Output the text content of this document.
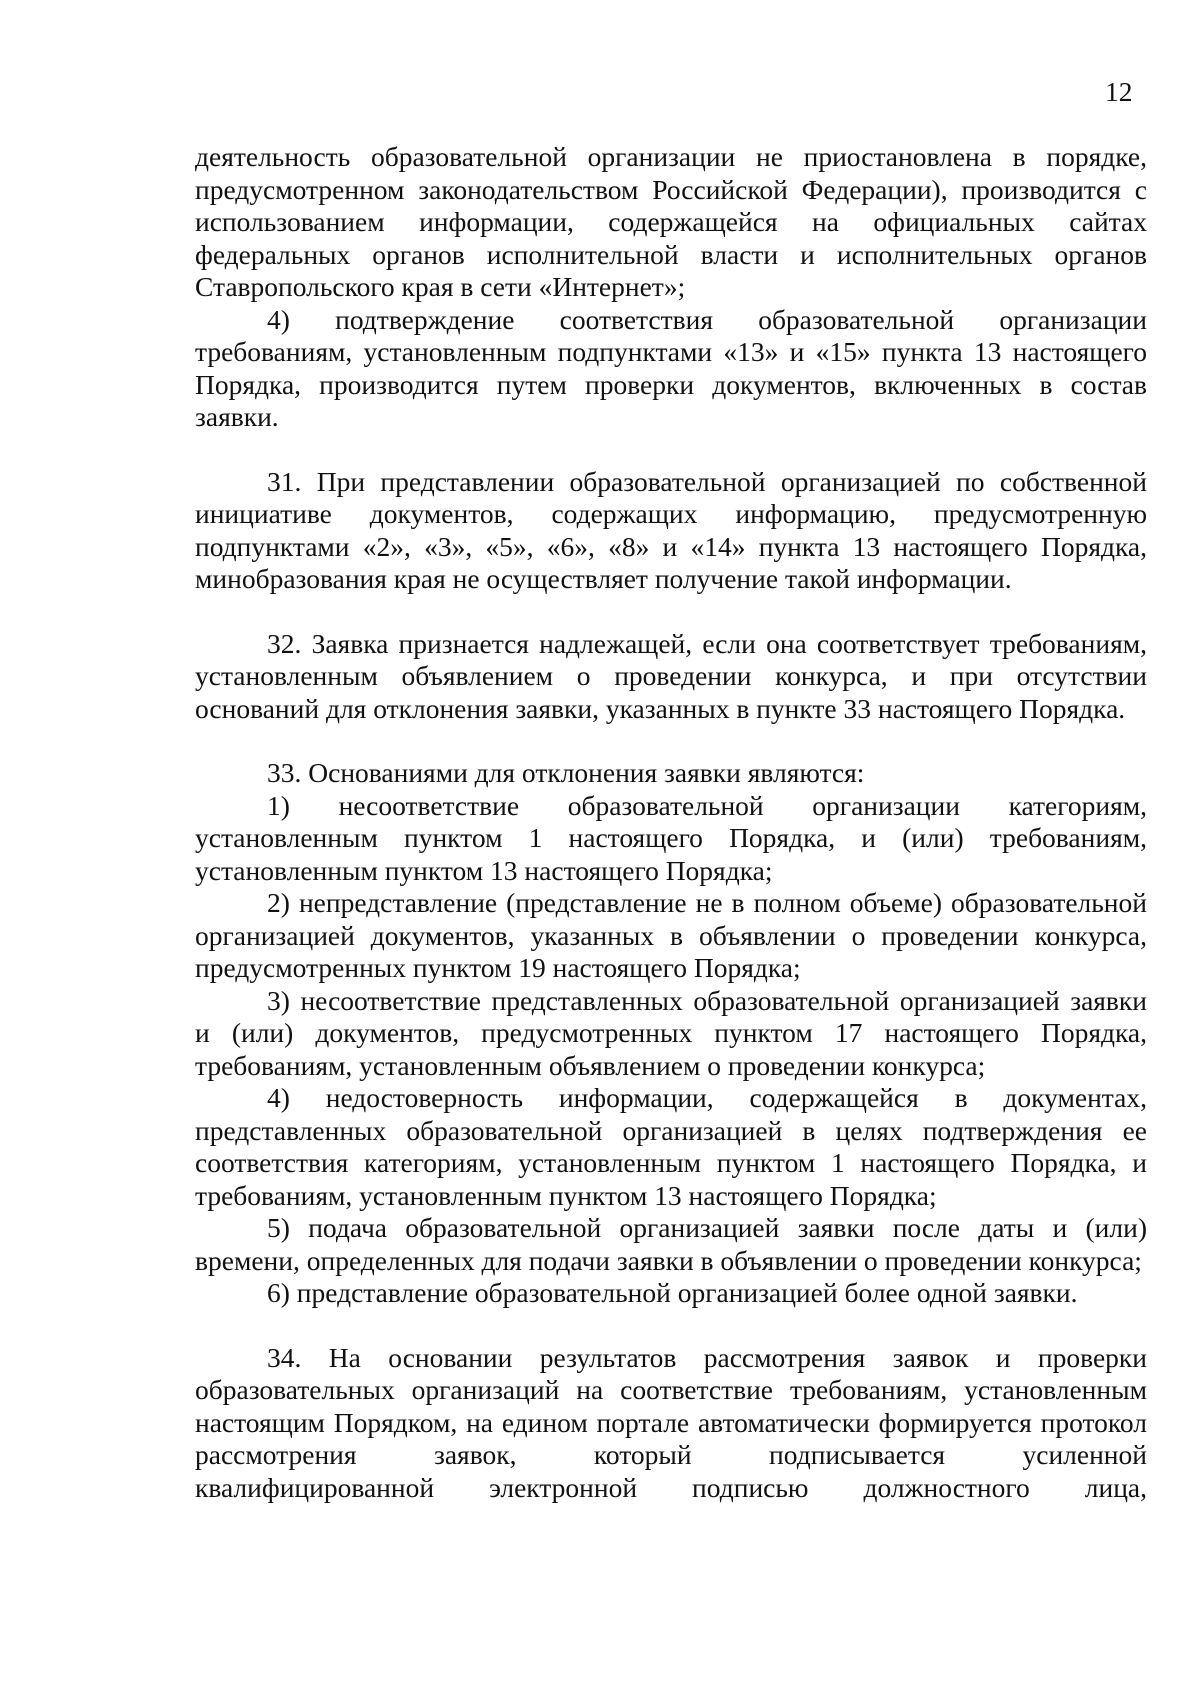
12

деятельность образовательной организации не приостановлена в порядке, предусмотренном законодательством Российской Федерации), производится с использованием информации, содержащейся на официальных сайтах федеральных органов исполнительной власти и исполнительных органов Ставропольского края в сети «Интернет»;

4) подтверждение соответствия образовательной организации требованиям, установленным подпунктами «13» и «15» пункта 13 настоящего Порядка, производится путем проверки документов, включенных в состав заявки.

31. При представлении образовательной организацией по собственной инициативе документов, содержащих информацию, предусмотренную подпунктами «2», «3», «5», «6», «8» и «14» пункта 13 настоящего Порядка, минобразования края не осуществляет получение такой информации.

32. Заявка признается надлежащей, если она соответствует требованиям, установленным объявлением о проведении конкурса, и при отсутствии оснований для отклонения заявки, указанных в пункте 33 настоящего Порядка.

33. Основаниями для отклонения заявки являются:

1) несоответствие образовательной организации категориям, установленным пунктом 1 настоящего Порядка, и (или) требованиям, установленным пунктом 13 настоящего Порядка;

2) непредставление (представление не в полном объеме) образовательной организацией документов, указанных в объявлении о проведении конкурса, предусмотренных пунктом 19 настоящего Порядка;

3) несоответствие представленных образовательной организацией заявки и (или) документов, предусмотренных пунктом 17 настоящего Порядка, требованиям, установленным объявлением о проведении конкурса;

4) недостоверность информации, содержащейся в документах, представленных образовательной организацией в целях подтверждения ее соответствия категориям, установленным пунктом 1 настоящего Порядка, и требованиям, установленным пунктом 13 настоящего Порядка;

5) подача образовательной организацией заявки после даты и (или) времени, определенных для подачи заявки в объявлении о проведении конкурса;

6) представление образовательной организацией более одной заявки.

34. На основании результатов рассмотрения заявок и проверки образовательных организаций на соответствие требованиям, установленным настоящим Порядком, на едином портале автоматически формируется протокол рассмотрения заявок, который подписывается усиленной

квалифицированной электронной подписью должностного лица,
